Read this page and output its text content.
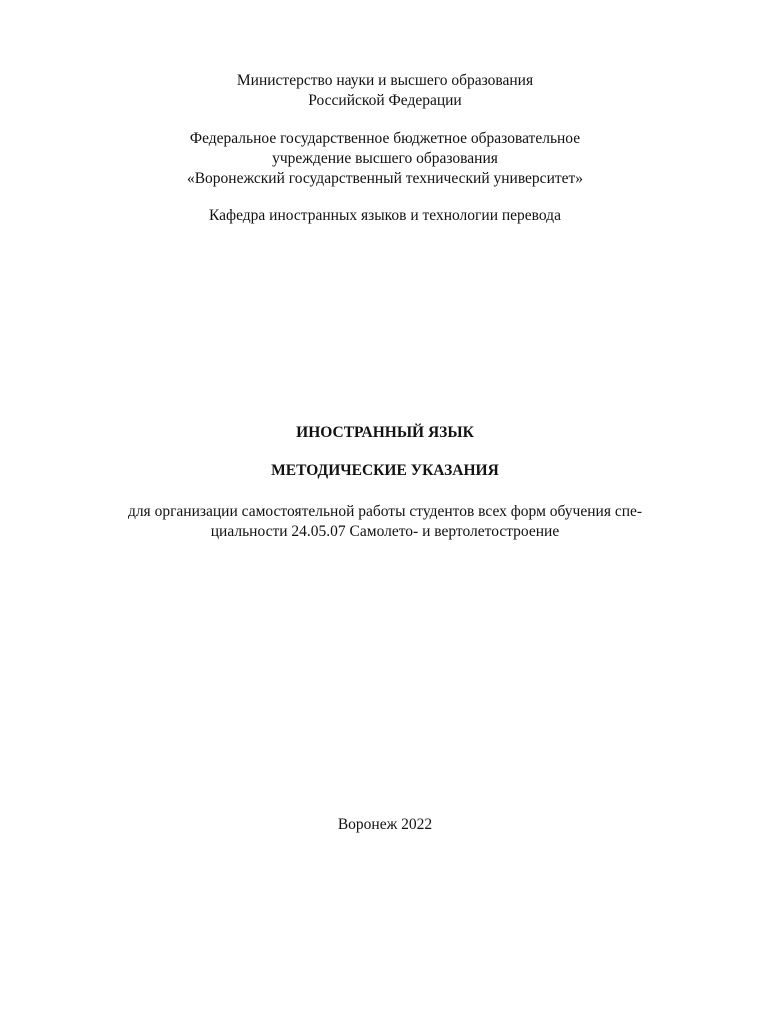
Министерство науки и высшего образования
Российской Федерации
Федеральное государственное бюджетное образовательное
учреждение высшего образования
«Воронежский государственный технический университет»
Кафедра иностранных языков и технологии перевода
ИНОСТРАННЫЙ ЯЗЫК
МЕТОДИЧЕСКИЕ УКАЗАНИЯ
для организации самостоятельной работы студентов всех форм обучения спе-
циальности 24.05.07 Самолето- и вертолетостроение
Воронеж 2022
